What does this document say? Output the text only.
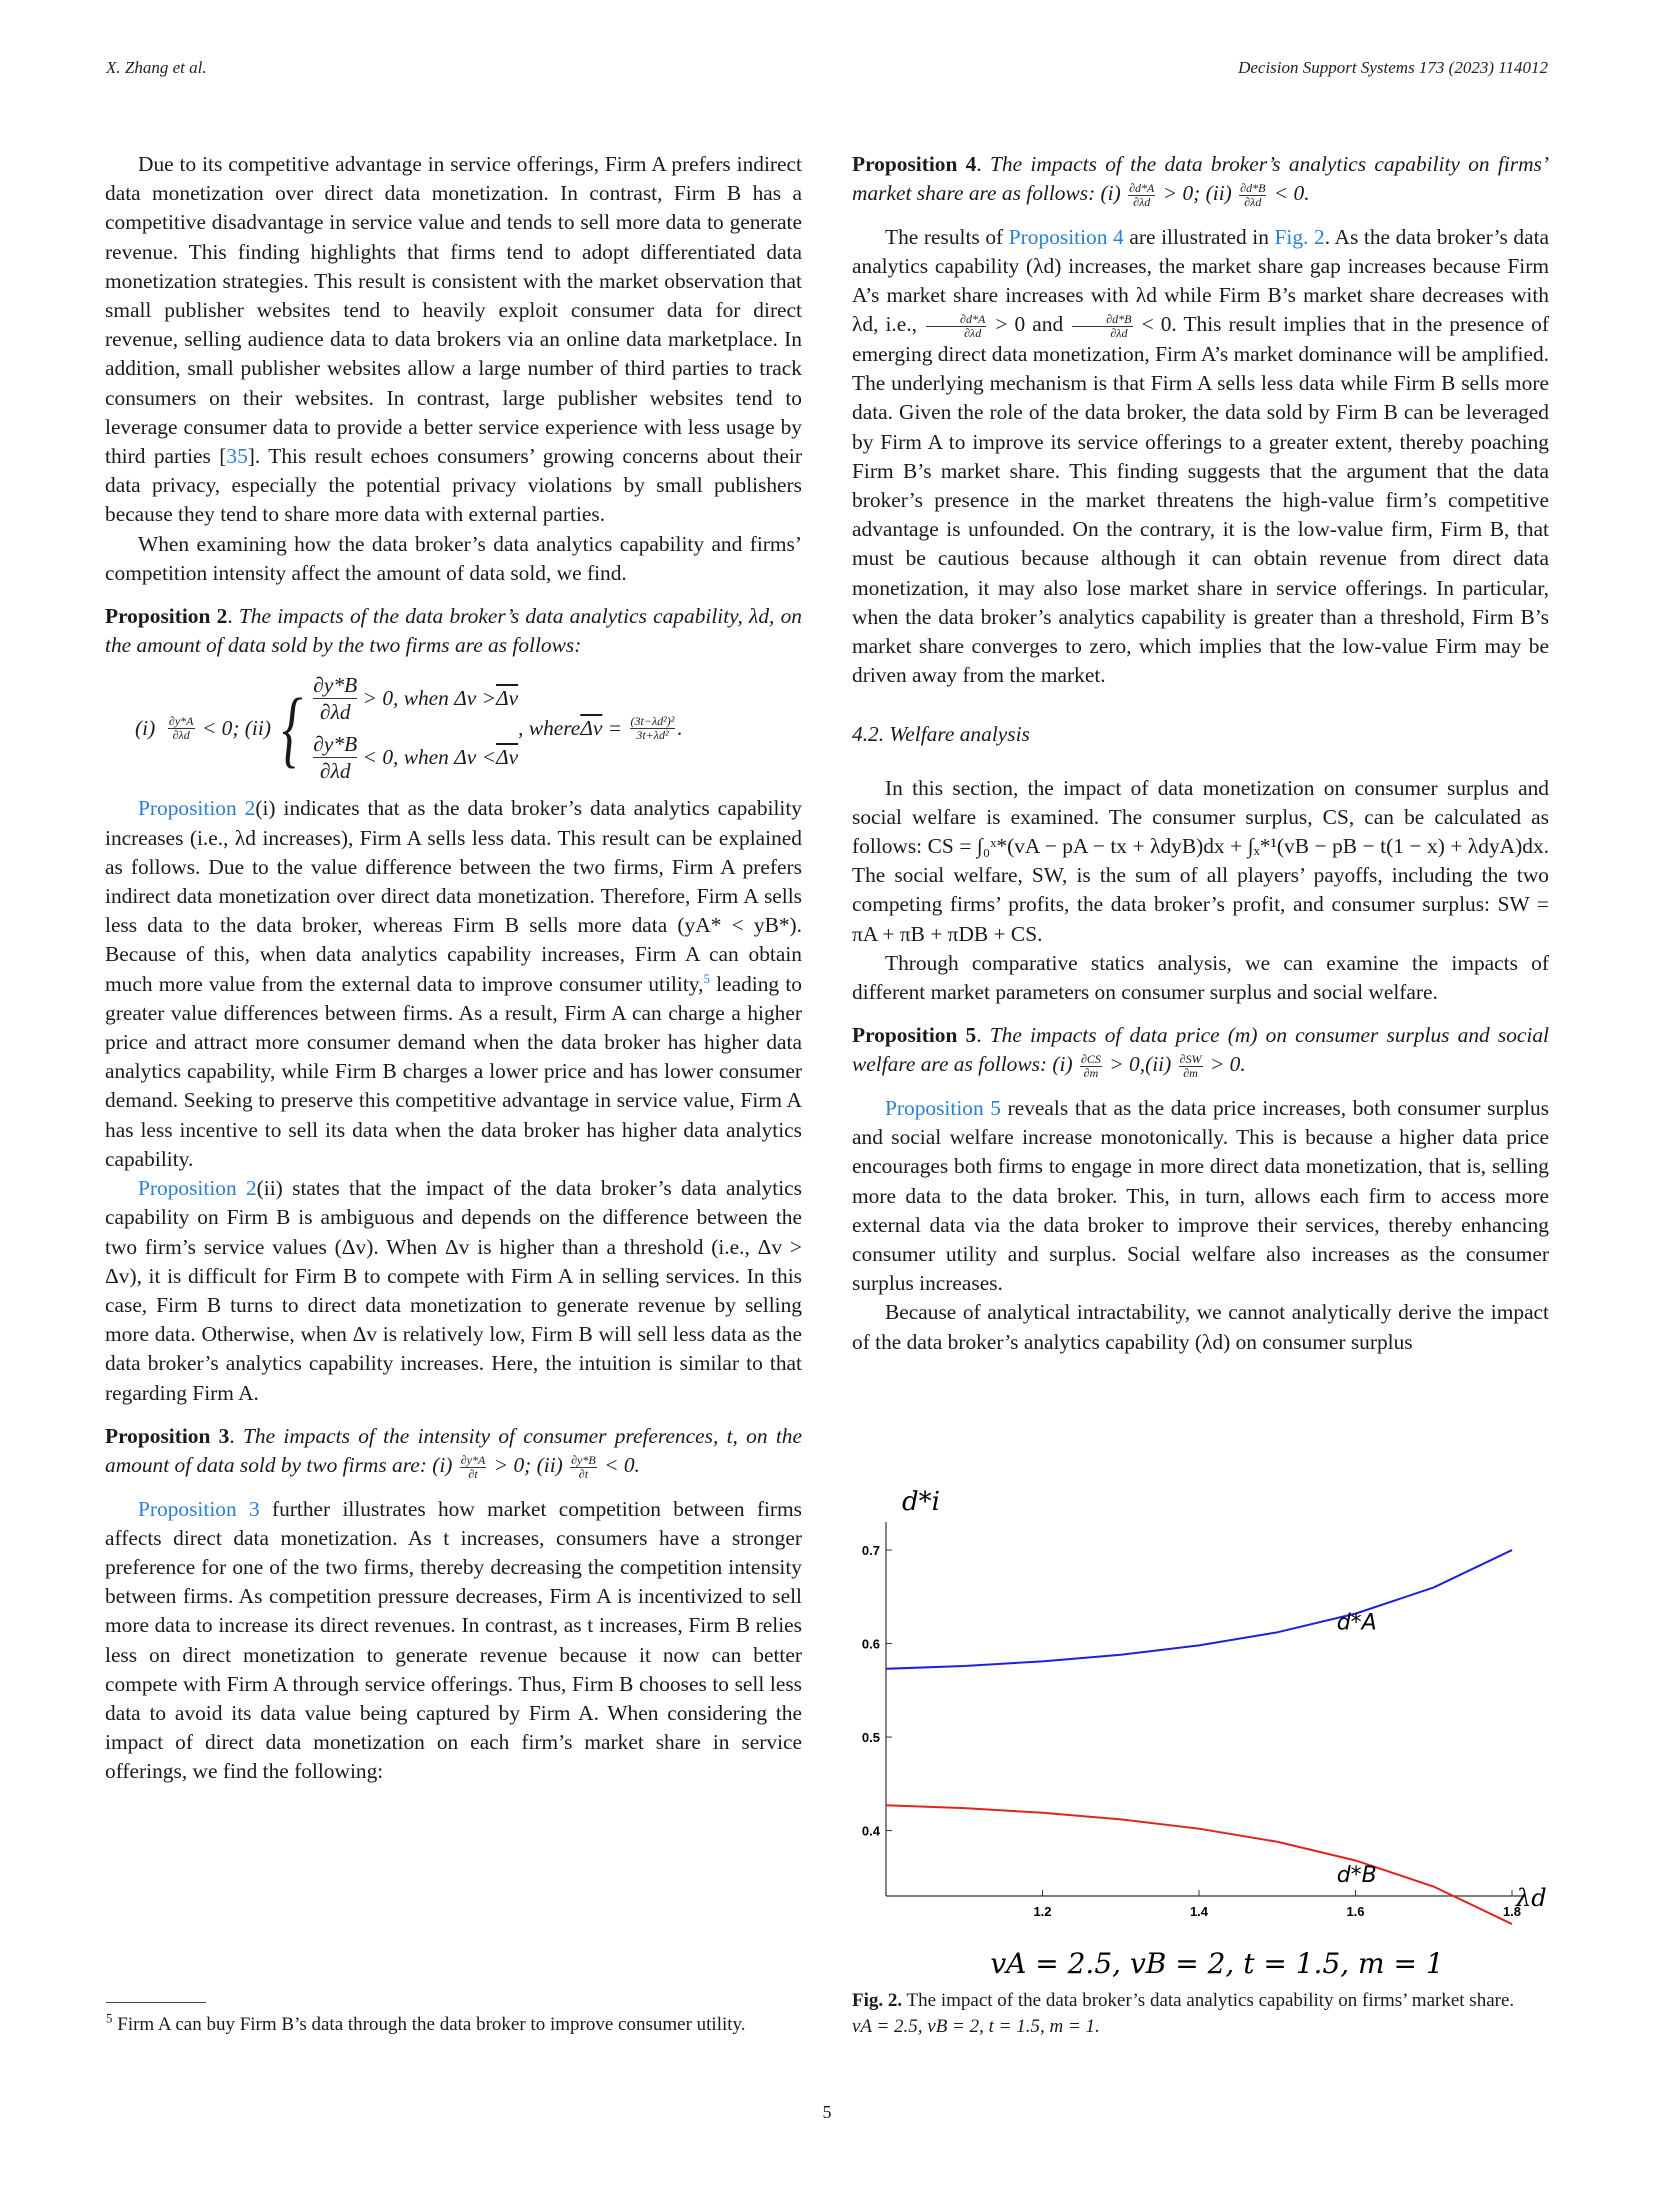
X. Zhang et al.	Decision Support Systems 173 (2023) 114012

Due to its competitive advantage in service offerings, Firm A prefers indirect data monetization over direct data monetization. In contrast, Firm B has a competitive disadvantage in service value and tends to sell more data to generate revenue. This finding highlights that firms tend to adopt differentiated data monetization strategies. This result is consistent with the market observation that small publisher websites tend to heavily exploit consumer data for direct revenue, selling audience data to data brokers via an online data marketplace. In addition, small publisher websites allow a large number of third parties to track consumers on their websites. In contrast, large publisher websites tend to leverage consumer data to provide a better service experience with less usage by third parties [35]. This result echoes consumers’ growing concerns about their data privacy, especially the potential privacy violations by small publishers because they tend to share more data with external parties.

When examining how the data broker’s data analytics capability and firms’ competition intensity affect the amount of data sold, we find.

Proposition 2. The impacts of the data broker’s data analytics capability, λd, on the amount of data sold by the two firms are as follows:

(i)
$\frac{\partial y*A}{\partial\lambda d}$
< 0; (ii) { $\frac{\partial y*B}{\partial\lambda d}$
> 0, when $\Delta v > \overline{\Delta v}$
$\frac{\partial y*B}{\partial\lambda d}$
< 0, when $\Delta v < \overline{\Delta v}$
, where $\overline{\Delta v} = \frac{\text{(3t−λd²)²}}{\text{3t+λd²}}$ .

Proposition 2(i) indicates that as the data broker’s data analytics capability increases (i.e., λd increases), Firm A sells less data. This result can be explained as follows. Due to the value difference between the two firms, Firm A prefers indirect data monetization over direct data monetization. Therefore, Firm A sells less data to the data broker, whereas Firm B sells more data (yA* < yB*). Because of this, when data analytics capability increases, Firm A can obtain much more value from the external data to improve consumer utility,$^5$ leading to greater value differences between firms. As a result, Firm A can charge a higher price and attract more consumer demand when the data broker has higher data analytics capability, while Firm B charges a lower price and has lower consumer demand. Seeking to preserve this competitive advantage in service value, Firm A has less incentive to sell its data when the data broker has higher data analytics capability.

Proposition 2(ii) states that the impact of the data broker’s data analytics capability on Firm B is ambiguous and depends on the difference between the two firm’s service values (Δv). When Δv is higher than a threshold (i.e., Δv > Δv), it is difficult for Firm B to compete with Firm A in selling services. In this case, Firm B turns to direct data monetization to generate revenue by selling more data. Otherwise, when Δv is relatively low, Firm B will sell less data as the data broker’s analytics capability increases. Here, the intuition is similar to that regarding Firm A.

Proposition 3. The impacts of the intensity of consumer preferences, t, on the amount of data sold by two firms are: $(i) \frac{\partial y*A}{\partial t} > 0$; $(ii) \frac{\partial y*B}{\partial t} < 0$.

Proposition 3 further illustrates how market competition between firms affects direct data monetization. As t increases, consumers have a stronger preference for one of the two firms, thereby decreasing the competition intensity between firms. As competition pressure decreases, Firm A is incentivized to sell more data to increase its direct revenues. In contrast, as t increases, Firm B relies less on direct monetization to generate revenue because it now can better compete with Firm A through service offerings. Thus, Firm B chooses to sell less data to avoid its data value being captured by Firm A. When considering the impact of direct data monetization on each firm’s market share in service offerings, we find the following:

$^5$ Firm A can buy Firm B’s data through the data broker to improve consumer utility.

Proposition 4. The impacts of the data broker’s analytics capability on firms’ market share are as follows: $(i) \frac{\partial d*A}{\partial\lambda d} > 0$; $(ii) \frac{\partial d*B}{\partial\lambda d} < 0$.

The results of Proposition 4 are illustrated in Fig. 2. As the data broker’s data analytics capability (λd) increases, the market share gap increases because Firm A’s market share increases with λd while Firm B’s market share decreases with λd, i.e., $\frac{\partial d*A}{\partial\lambda d} > 0$ and $\frac{\partial d*B}{\partial\lambda d} < 0$. This result implies that in the presence of emerging direct data monetization, Firm A’s market dominance will be amplified. The underlying mechanism is that Firm A sells less data while Firm B sells more data. Given the role of the data broker, the data sold by Firm B can be leveraged by Firm A to improve its service offerings to a greater extent, thereby poaching Firm B’s market share. This finding suggests that the argument that the data broker’s presence in the market threatens the high-value firm’s competitive advantage is unfounded. On the contrary, it is the low-value firm, Firm B, that must be cautious because although it can obtain revenue from direct data monetization, it may also lose market share in service offerings. In particular, when the data broker’s analytics capability is greater than a threshold, Firm B’s market share converges to zero, which implies that the low-value Firm may be driven away from the market.

4.2. Welfare analysis

In this section, the impact of data monetization on consumer surplus and social welfare is examined. The consumer surplus, CS, can be calculated as follows: CS = ∫₀ˣ*(vA − pA − tx + λdyB)dx + ∫ₓ*¹(vB − pB − t(1 − x) + λdyA)dx. The social welfare, SW, is the sum of all players’ payoffs, including the two competing firms’ profits, the data broker’s profit, and consumer surplus: SW = πA + πB + πDB + CS.

Through comparative statics analysis, we can examine the impacts of different market parameters on consumer surplus and social welfare.

Proposition 5. The impacts of data price (m) on consumer surplus and social welfare are as follows: $(i) \frac{\partial CS}{\partial m} > 0,(ii) \frac{\partial SW}{\partial m} > 0$.

Proposition 5 reveals that as the data price increases, both consumer surplus and social welfare increase monotonically. This is because a higher data price encourages both firms to engage in more direct data monetization, that is, selling more data to the data broker. This, in turn, allows each firm to access more external data via the data broker to improve their services, thereby enhancing consumer utility and surplus. Social welfare also increases as the consumer surplus increases.

Because of analytical intractability, we cannot analytically derive the impact of the data broker’s analytics capability (λd) on consumer surplus

0.4
0.5
0.6
0.7
1.2	1.4	1.6	1.8
d*A
d*B
d*i
λd
vA = 2.5, vB = 2, t = 1.5, m = 1
Fig. 2. The impact of the data broker’s data analytics capability on firms’ market share.
vA = 2.5, vB = 2, t = 1.5, m = 1.
5
